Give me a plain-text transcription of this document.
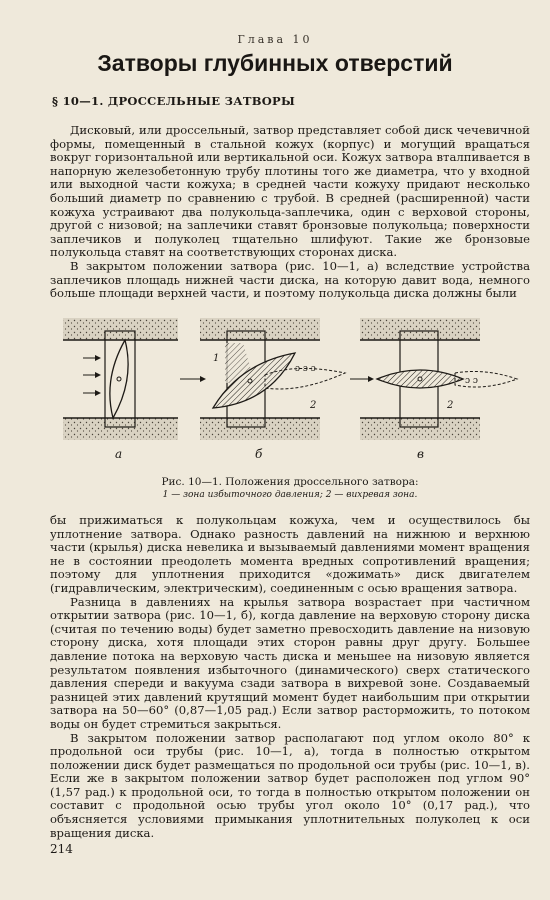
Глава 10
Затворы глубинных отверстий
§ 10—1. ДРОССЕЛЬНЫЕ ЗАТВОРЫ

Дисковый, или дроссельный, затвор представляет собой диск чечевичной формы, помещенный в стальной кожух (корпус) и могущий вращаться вокруг горизонтальной или вертикальной оси. Кожух затвора вталпивается в напорную железобетонную трубу плотины того же диаметра, что у входной или выходной части кожуха; в средней части кожуху придают несколько больший диаметр по сравнению с трубой. В средней (расширенной) части кожуха устраивают два полукольца-заплечика, один с верховой стороны, другой с низовой; на заплечики ставят бронзовые полукольца; поверхности заплечиков и полуколец тщательно шлифуют. Такие же бронзовые полукольца ставят на соответствующих сторонах диска.

В закрытом положении затвора (рис. 10—1, а) вследствие устройства заплечиков площадь нижней части диска, на которую давит вода, немного больше площади верхней части, и поэтому полукольца диска должны были

а
ɔ ɔ ɔ
1
2
б
ɔ ɔ
2
в
Рис. 10—1. Положения дроссельного затвора:
1 — зона избыточного давления; 2 — вихревая зона.

бы прижиматься к полукольцам кожуха, чем и осуществилось бы уплотнение затвора. Однако разность давлений на нижнюю и верхнюю части (крылья) диска невелика и вызываемый давлениями момент вращения не в состоянии преодолеть момента вредных сопротивлений вращения; поэтому для уплотнения приходится «дожимать» диск двигателем (гидравлическим, электрическим), соединенным с осью вращения затвора.

Разница в давлениях на крылья затвора возрастает при частичном открытии затвора (рис. 10—1, б), когда давление на верховую сторону диска (считая по течению воды) будет заметно превосходить давление на низовую сторону диска, хотя площади этих сторон равны друг другу. Большее давление потока на верховую часть диска и меньшее на низовую является результатом появления избыточного (динамического) сверх статического давления спереди и вакуума сзади затвора в вихревой зоне. Создаваемый разницей этих давлений крутящий момент будет наибольшим при открытии затвора на 50—60° (0,87—1,05 рад.) Если затвор расторможить, то потоком воды он будет стремиться закрыться.

В закрытом положении затвор располагают под углом около 80° к продольной оси трубы (рис. 10—1, а), тогда в полностью открытом положении диск будет размещаться по продольной оси трубы (рис. 10—1, в). Если же в закрытом положении затвор будет расположен под углом 90° (1,57 рад.) к продольной оси, то тогда в полностью открытом положении он составит с продольной осью трубы угол около 10° (0,17 рад.), что объясняется условиями примыкания уплотнительных полуколец к оси вращения диска.

214
